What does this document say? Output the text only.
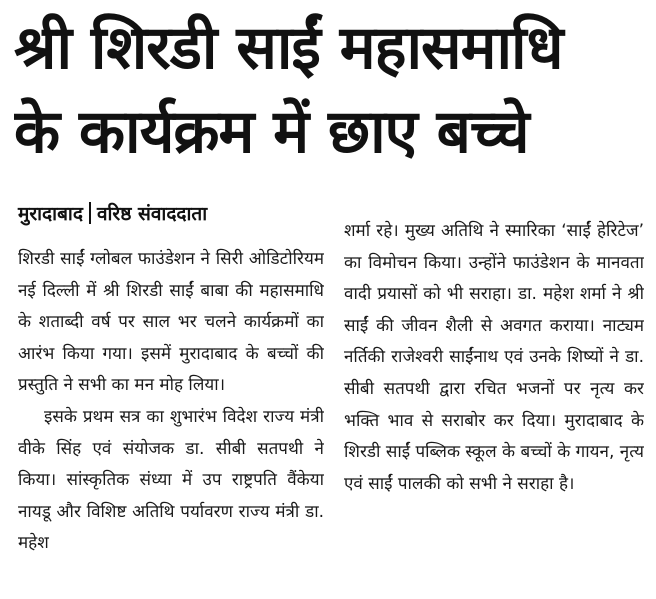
श्री शिरडी साईं महासमाधि
के कार्यक्रम में छाए बच्चे
मुरादाबाद वरिष्ठ संवाददाता

शिरडी साईं ग्लोबल फाउंडेशन ने सिरी ओडिटोरियम नई दिल्ली में श्री शिरडी साईं बाबा की महासमाधि के शताब्दी वर्ष पर साल भर चलने कार्यक्रमों का आरंभ किया गया। इसमें मुरादाबाद के बच्चों की प्रस्तुति ने सभी का मन मोह लिया।

इसके प्रथम सत्र का शुभारंभ विदेश राज्य मंत्री वीके सिंह एवं संयोजक डा. सीबी सतपथी ने किया। सांस्कृतिक संध्या में उप राष्ट्रपति वैंकेया नायडू और विशिष्ट अतिथि पर्यावरण राज्य मंत्री डा. महेश

शर्मा रहे। मुख्य अतिथि ने स्मारिका ‘साईं हेरिटेज’ का विमोचन किया। उन्होंने फाउंडेशन के मानवता वादी प्रयासों को भी सराहा। डा. महेश शर्मा ने श्री साईं की जीवन शैली से अवगत कराया। नाट्यम नर्तिकी राजेश्वरी साईंनाथ एवं उनके शिष्यों ने डा. सीबी सतपथी द्वारा रचित भजनों पर नृत्य कर भक्ति भाव से सराबोर कर दिया। मुरादाबाद के शिरडी साईं पब्लिक स्कूल के बच्चों के गायन, नृत्य एवं साईं पालकी को सभी ने सराहा है।
